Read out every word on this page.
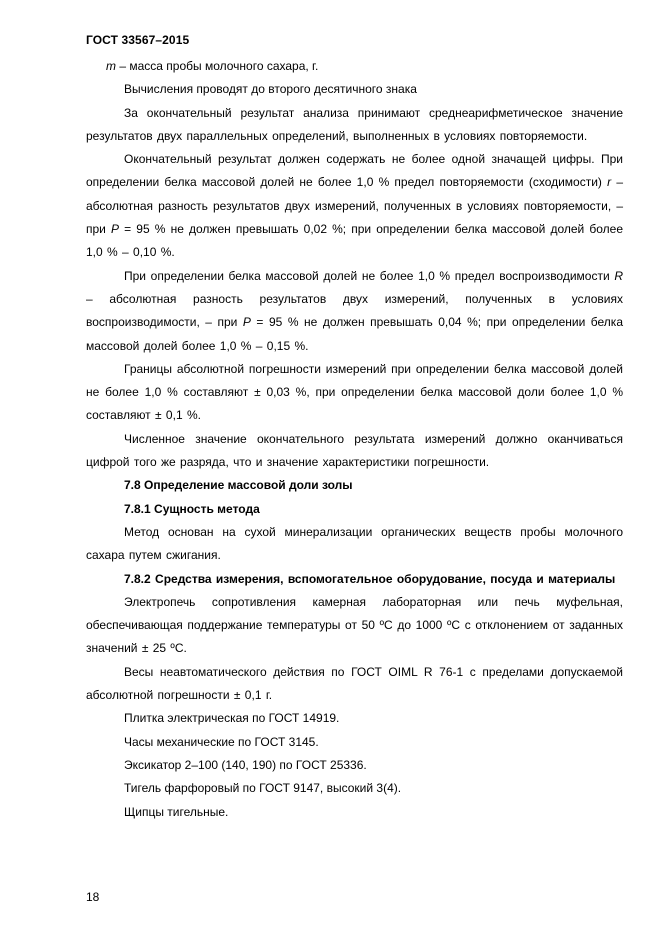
ГОСТ 33567–2015

m – масса пробы молочного сахара, г.

Вычисления проводят до второго десятичного знака

За окончательный результат анализа принимают среднеарифметическое значение результатов двух параллельных определений, выполненных в условиях повторяемости.

Окончательный результат должен содержать не более одной значащей цифры. При определении белка массовой долей не более 1,0 % предел повторяемости (сходимости) r – абсолютная разность результатов двух измерений, полученных в условиях повторяемости, – при P = 95 % не должен превышать 0,02 %; при определении белка массовой долей более 1,0 % – 0,10 %.

При определении белка массовой долей не более 1,0 % предел воспроизводимости R – абсолютная разность результатов двух измерений, полученных в условиях воспроизводимости, – при P = 95 % не должен превышать 0,04 %; при определении белка массовой долей более 1,0 % – 0,15 %.

Границы абсолютной погрешности измерений при определении белка массовой долей не более 1,0 % составляют ± 0,03 %, при определении белка массовой доли более 1,0 % составляют ± 0,1 %.

Численное значение окончательного результата измерений должно оканчиваться цифрой того же разряда, что и значение характеристики погрешности.

7.8 Определение массовой доли золы

7.8.1 Сущность метода

Метод основан на сухой минерализации органических веществ пробы молочного сахара путем сжигания.

7.8.2 Средства измерения, вспомогательное оборудование, посуда и материалы

Электропечь сопротивления камерная лабораторная или печь муфельная, обеспечивающая поддержание температуры от 50 ºС до 1000 ºС с отклонением от заданных значений ± 25 ºС.

Весы неавтоматического действия по ГОСТ OIML R 76-1 с пределами допускаемой абсолютной погрешности ± 0,1 г.

Плитка электрическая по ГОСТ 14919.

Часы механические по ГОСТ 3145.

Эксикатор 2–100 (140, 190) по ГОСТ 25336.

Тигель фарфоровый по ГОСТ 9147, высокий 3(4).

Щипцы тигельные.

18
